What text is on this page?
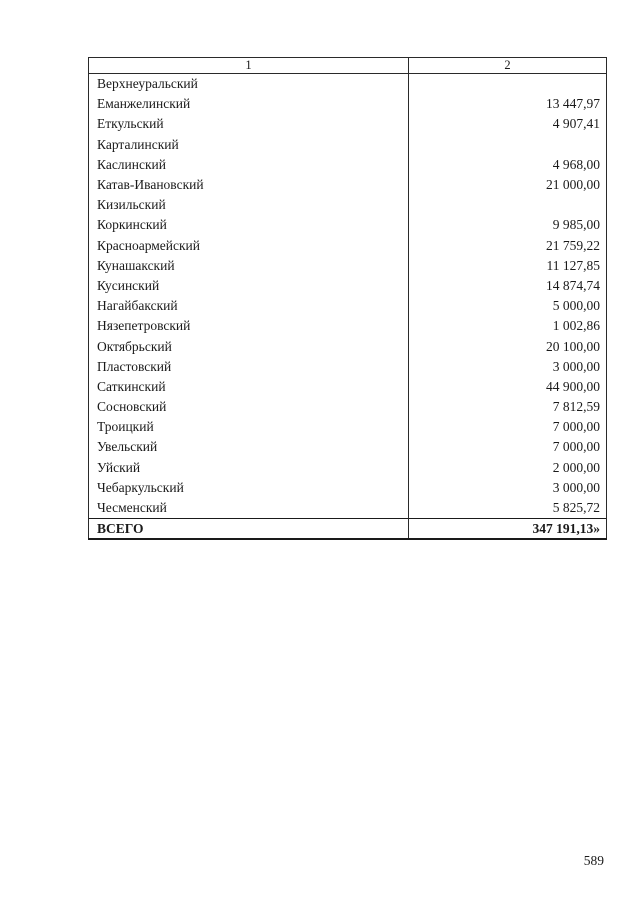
1	2
Верхнеуральский	
Еманжелинский	13 447,97
Еткульский	4 907,41
Карталинский	
Каслинский	4 968,00
Катав-Ивановский	21 000,00
Кизильский	
Коркинский	9 985,00
Красноармейский	21 759,22
Кунашакский	11 127,85
Кусинский	14 874,74
Нагайбакский	5 000,00
Нязепетровский	1 002,86
Октябрьский	20 100,00
Пластовский	3 000,00
Саткинский	44 900,00
Сосновский	7 812,59
Троицкий	7 000,00
Увельский	7 000,00
Уйский	2 000,00
Чебаркульский	3 000,00
Чесменский	5 825,72
ВСЕГО	347 191,13»
589
